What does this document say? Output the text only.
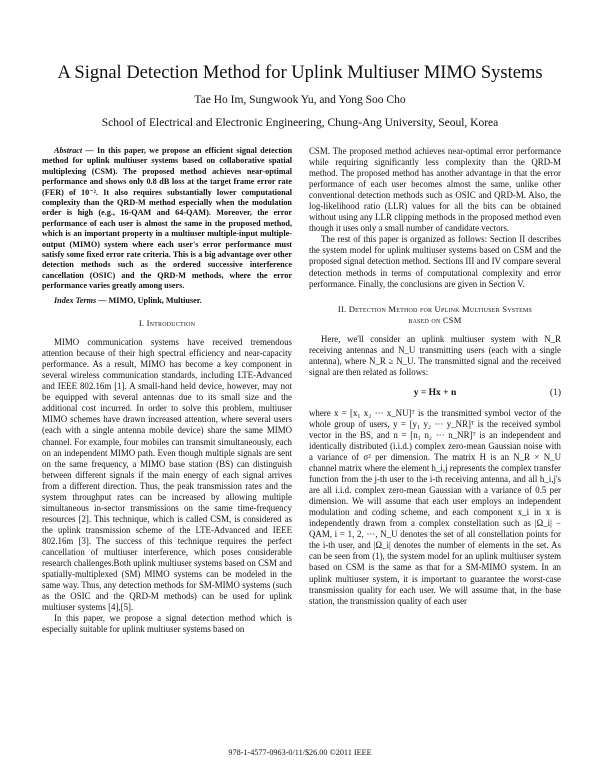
A Signal Detection Method for Uplink Multiuser MIMO Systems
Tae Ho Im, Sungwook Yu, and Yong Soo Cho
School of Electrical and Electronic Engineering, Chung-Ang University, Seoul, Korea

Abstract — In this paper, we propose an efficient signal detection method for uplink multiuser systems based on collaborative spatial multiplexing (CSM). The proposed method achieves near-optimal performance and shows only 0.8 dB loss at the target frame error rate (FER) of 10⁻². It also requires substantially lower computational complexity than the QRD-M method especially when the modulation order is high (e.g., 16-QAM and 64-QAM). Moreover, the error performance of each user is almost the same in the proposed method, which is an important property in a multiuser multiple-input multiple-output (MIMO) system where each user's error performance must satisfy some fixed error rate criteria. This is a big advantage over other detection methods such as the ordered successive interference cancellation (OSIC) and the QRD-M methods, where the error performance varies greatly among users.

Index Terms — MIMO, Uplink, Multiuser.

I. Introduction

MIMO communication systems have received tremendous attention because of their high spectral efficiency and near-capacity performance. As a result, MIMO has become a key component in several wireless communication standards, including LTE-Advanced and IEEE 802.16m [1]. A small-hand held device, however, may not be equipped with several antennas due to its small size and the additional cost incurred. In order to solve this problem, multiuser MIMO schemes have drawn increased attention, where several users (each with a single antenna mobile device) share the same MIMO channel. For example, four mobiles can transmit simultaneously, each on an independent MIMO path. Even though multiple signals are sent on the same frequency, a MIMO base station (BS) can distinguish between different signals if the main energy of each signal arrives from a different direction. Thus, the peak transmission rates and the system throughput rates can be increased by allowing multiple simultaneous in-sector transmissions on the same time-frequency resources [2]. This technique, which is called CSM, is considered as the uplink transmission scheme of the LTE-Advanced and IEEE 802.16m [3]. The success of this technique requires the perfect cancellation of multiuser interference, which poses considerable research challenges.Both uplink multiuser systems based on CSM and spatially-multiplexed (SM) MIMO systems can be modeled in the same way. Thus, any detection methods for SM-MIMO systems (such as the OSIC and the QRD-M methods) can be used for uplink multiuser systems [4],[5].

In this paper, we propose a signal detection method which is especially suitable for uplink multiuser systems based on

CSM. The proposed method achieves near-optimal error performance while requiring significantly less complexity than the QRD-M method. The proposed method has another advantage in that the error performance of each user becomes almost the same, unlike other conventional detection methods such as OSIC and QRD-M. Also, the log-likelihood ratio (LLR) values for all the bits can be obtained without using any LLR clipping methods in the proposed method even though it uses only a small number of candidate vectors.

The rest of this paper is organized as follows: Section II describes the system model for uplink multiuser systems based on CSM and the proposed signal detection method. Sections III and IV compare several detection methods in terms of computational complexity and error performance. Finally, the conclusions are given in Section V.

II. Detection Method for Uplink Multiuser Systems
based on CSM

Here, we'll consider an uplink multiuser system with N_R receiving antennas and N_U transmitting users (each with a single antenna), where N_R ≥ N_U. The transmitted signal and the received signal are then related as follows:

y = Hx + n	(1)

where x = [x₁ x₂ ··· x_NU]ᵀ is the transmitted symbol vector of the whole group of users, y = [y₁ y₂ ··· y_NR]ᵀ is the received symbol vector in the BS, and n = [n₁ n₂ ··· n_NR]ᵀ is an independent and identically distributed (i.i.d.) complex zero-mean Gaussian noise with a variance of σ² per dimension. The matrix H is an N_R × N_U channel matrix where the element h_i,j represents the complex transfer function from the j-th user to the i-th receiving antenna, and all h_i,j's are all i.i.d. complex zero-mean Gaussian with a variance of 0.5 per dimension. We will assume that each user employs an independent modulation and coding scheme, and each component x_i in x is independently drawn from a complex constellation such as |Ω_i| − QAM, i = 1, 2, ···, N_U denotes the set of all constellation points for the i-th user, and |Ω_i| denotes the number of elements in the set. As can be seen from (1), the system model for an uplink multiuser system based on CSM is the same as that for a SM-MIMO system. In an uplink multiuser system, it is important to guarantee the worst-case transmission quality for each user. We will assume that, in the base station, the transmission quality of each user

978-1-4577-0963-0/11/$26.00 ©2011 IEEE
